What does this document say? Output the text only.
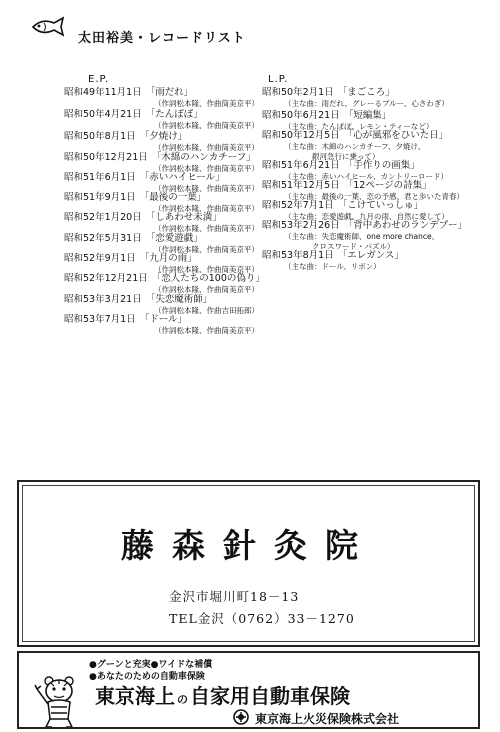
太田裕美・レコードリスト
E.P.	L.P.
昭和49年11月1日 「雨だれ」
（作詞松本隆、作曲筒美京平）
昭和50年4月21日 「たんぽぽ」
（作詞松本隆、作曲筒美京平）
昭和50年8月1日 「夕焼け」
（作詞松本隆、作曲筒美京平）
昭和50年12月21日 「木綿のハンカチーフ」
（作詞松本隆、作曲筒美京平）
昭和51年6月1日 「赤いハイヒール」
（作詞松本隆、作曲筒美京平）
昭和51年9月1日 「最後の一葉」
（作詞松本隆、作曲筒美京平）
昭和52年1月20日 「しあわせ未満」
（作詞松本隆、作曲筒美京平）
昭和52年5月31日 「恋愛遊戯」
（作詞松本隆、作曲筒美京平）
昭和52年9月1日 「九月の雨」
（作詞松本隆、作曲筒美京平）
昭和52年12月21日 「恋人たちの100の偽り」
（作詞松本隆、作曲筒美京平）
昭和53年3月21日 「失恋魔術師」
（作詞松本隆、作曲吉田拓郎）
昭和53年7月1日 「ドール」
（作詞松本隆、作曲筒美京平）
昭和50年2月1日 「まごころ」
（主な曲：雨だれ、グレーるブルー、心さわぎ）
昭和50年6月21日 「短編集」
（主な曲：たんぽぽ、レモン・ティーなど）
昭和50年12月5日 「心が風邪をひいた日」
（主な曲：木綿のハンカチーフ、夕焼け、
銀河急行に乗って）
昭和51年6月21日 「手作りの画集」
（主な曲：赤いハイヒール、カントリーロード）
昭和51年12月5日 「12ページの詩集」
（主な曲：最後の一葉、恋の予感、君と歩いた青春）
昭和52年7月1日 「こけていっしゅ」
（主な曲：恋愛遊戯、九月の雨、自然に愛して）
昭和53年2月26日 「背中あわせのランデブー」
（主な曲：失恋魔術師、one more chance、
クロスワード・パズル）
昭和53年8月1日 「エレガンス」
（主な曲：ドール、リボン）
藤森針灸院
金沢市堀川町18－13
TEL金沢（0762）33－1270
●グーンと充実●ワイドな補償
●あなたのための自動車保険
東京海上 の 自家用自動車保険
東京海上火災保険株式会社
